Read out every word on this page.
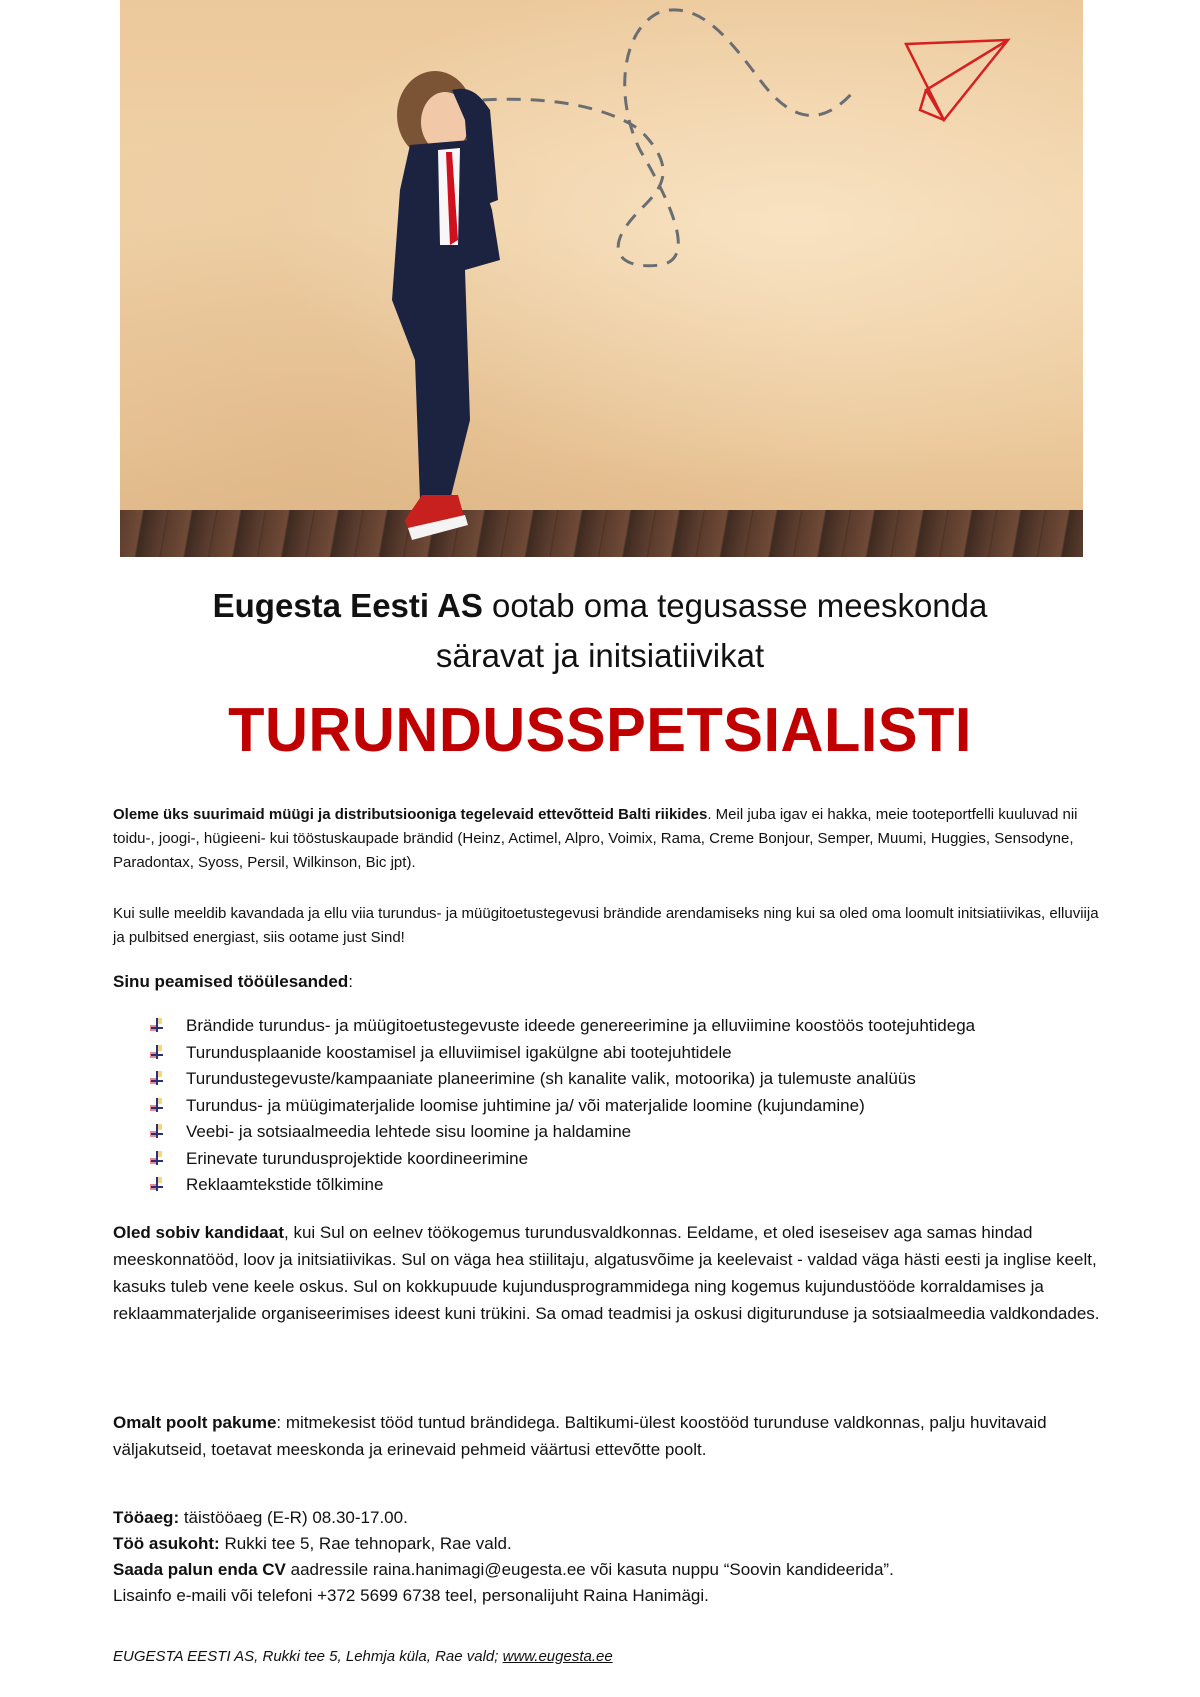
Eugesta Eesti AS ootab oma tegusasse meeskonda
säravat ja initsiatiivikat
TURUNDUSSPETSIALISTI
Oleme üks suurimaid müügi ja distributsiooniga tegelevaid ettevõtteid Balti riikides. Meil juba igav ei hakka, meie tooteportfelli kuuluvad nii toidu-, joogi-, hügieeni- kui tööstuskaupade brändid (Heinz, Actimel, Alpro, Voimix, Rama, Creme Bonjour, Semper, Muumi, Huggies, Sensodyne, Paradontax, Syoss, Persil, Wilkinson, Bic jpt).
Kui sulle meeldib kavandada ja ellu viia turundus- ja müügitoetustegevusi brändide arendamiseks ning kui sa oled oma loomult initsiatiivikas, elluviija ja pulbitsed energiast, siis ootame just Sind!
Sinu peamised tööülesanded:
Brändide turundus- ja müügitoetustegevuste ideede genereerimine ja elluviimine koostöös tootejuhtidega
Turundusplaanide koostamisel ja elluviimisel igakülgne abi tootejuhtidele
Turundustegevuste/kampaaniate planeerimine (sh kanalite valik, motoorika) ja tulemuste analüüs
Turundus- ja müügimaterjalide loomise juhtimine ja/ või materjalide loomine (kujundamine)
Veebi- ja sotsiaalmeedia lehtede sisu loomine ja haldamine
Erinevate turundusprojektide koordineerimine
Reklaamtekstide tõlkimine
Oled sobiv kandidaat, kui Sul on eelnev töökogemus turundusvaldkonnas. Eeldame, et oled iseseisev aga samas hindad meeskonnatööd, loov ja initsiatiivikas. Sul on väga hea stiilitaju, algatusvõime ja keelevaist - valdad väga hästi eesti ja inglise keelt, kasuks tuleb vene keele oskus. Sul on kokkupuude kujundusprogrammidega ning kogemus kujundustööde korraldamises ja reklaammaterjalide organiseerimises ideest kuni trükini. Sa omad teadmisi ja oskusi digiturunduse ja sotsiaalmeedia valdkondades.
Omalt poolt pakume: mitmekesist tööd tuntud brändidega. Baltikumi-ülest koostööd turunduse valdkonnas, palju huvitavaid väljakutseid, toetavat meeskonda ja erinevaid pehmeid väärtusi ettevõtte poolt.
Tööaeg: täistööaeg (E-R) 08.30-17.00.
Töö asukoht: Rukki tee 5, Rae tehnopark, Rae vald.
Saada palun enda CV aadressile raina.hanimagi@eugesta.ee või kasuta nuppu “Soovin kandideerida”.
Lisainfo e-maili või telefoni +372 5699 6738 teel, personalijuht Raina Hanimägi.
EUGESTA EESTI AS, Rukki tee 5, Lehmja küla, Rae vald; www.eugesta.ee
